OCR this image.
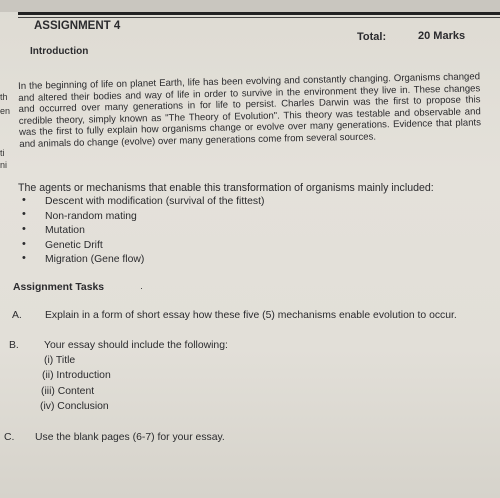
th
en
ti
ni
ASSIGNMENT 4
Total:	20 Marks
Introduction
In the beginning of life on planet Earth, life has been evolving and constantly changing. Organisms changed and altered their bodies and way of life in order to survive in the environment they live in. These changes and occurred over many generations in for life to persist. Charles Darwin was the first to propose this credible theory, simply known as "The Theory of Evolution". This theory was testable and observable and was the first to fully explain how organisms change or evolve over many generations. Evidence that plants and animals do change (evolve) over many generations come from several sources.
The agents or mechanisms that enable this transformation of organisms mainly included:
• Descent with modification (survival of the fittest)
• Non-random mating
• Mutation
• Genetic Drift
• Migration (Gene flow)
Assignment Tasks	·
A. Explain in a form of short essay how these five (5) mechanisms enable evolution to occur.
B. Your essay should include the following:
(i) Title
(ii) Introduction
(iii) Content
(iv) Conclusion
C. Use the blank pages (6-7) for your essay.
